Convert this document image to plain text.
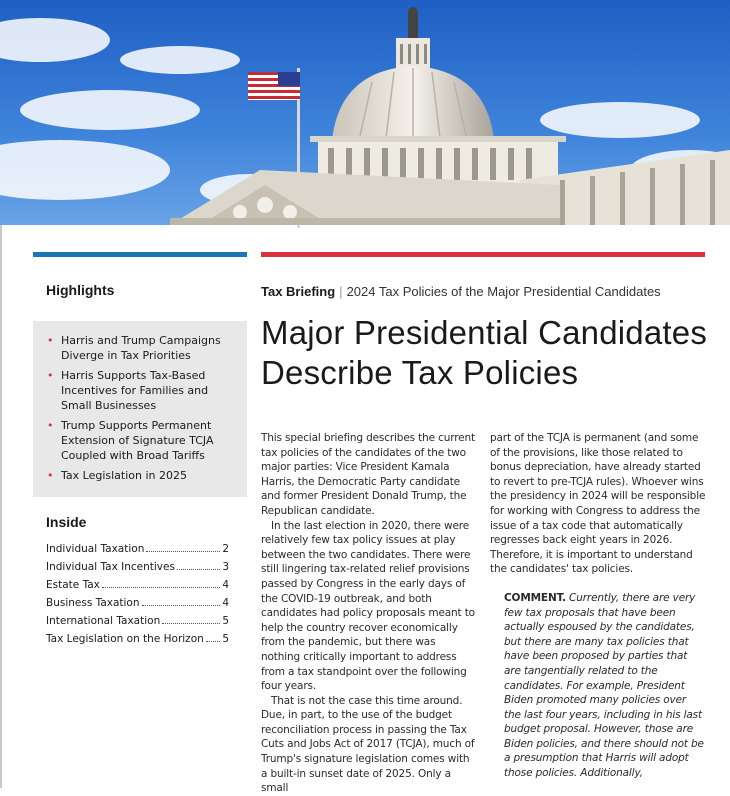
Highlights
• Harris and Trump Campaigns Diverge in Tax Priorities
• Harris Supports Tax-Based Incentives for Families and Small Businesses
• Trump Supports Permanent Extension of Signature TCJA Coupled with Broad Tariffs
• Tax Legislation in 2025
Inside
Individual Taxation	2
Individual Tax Incentives	3
Estate Tax	4
Business Taxation	4
International Taxation	5
Tax Legislation on the Horizon 5
Tax Briefing | 2024 Tax Policies of the Major Presidential Candidates
Major Presidential Candidates Describe Tax Policies

This special briefing describes the current tax policies of the candidates of the two major parties: Vice President Kamala Harris, the Democratic Party candidate and former President Donald Trump, the Republican candidate.

In the last election in 2020, there were relatively few tax policy issues at play between the two candidates. There were still lingering tax-related relief provisions passed by Congress in the early days of the COVID-19 outbreak, and both candidates had policy proposals meant to help the country recover economically from the pandemic, but there was nothing critically important to address from a tax standpoint over the following four years.

That is not the case this time around. Due, in part, to the use of the budget reconciliation process in passing the Tax Cuts and Jobs Act of 2017 (TCJA), much of Trump's signature legislation comes with a built-in sunset date of 2025. Only a small

part of the TCJA is permanent (and some of the provisions, like those related to bonus depreciation, have already started to revert to pre-TCJA rules). Whoever wins the presidency in 2024 will be responsible for working with Congress to address the issue of a tax code that automatically regresses back eight years in 2026. Therefore, it is important to understand the candidates' tax policies.

COMMENT. Currently, there are very few tax proposals that have been actually espoused by the candidates, but there are many tax policies that have been proposed by parties that are tangentially related to the candidates. For example, President Biden promoted many policies over the last four years, including in his last budget proposal. However, those are Biden policies, and there should not be a presumption that Harris will adopt those policies. Additionally,
